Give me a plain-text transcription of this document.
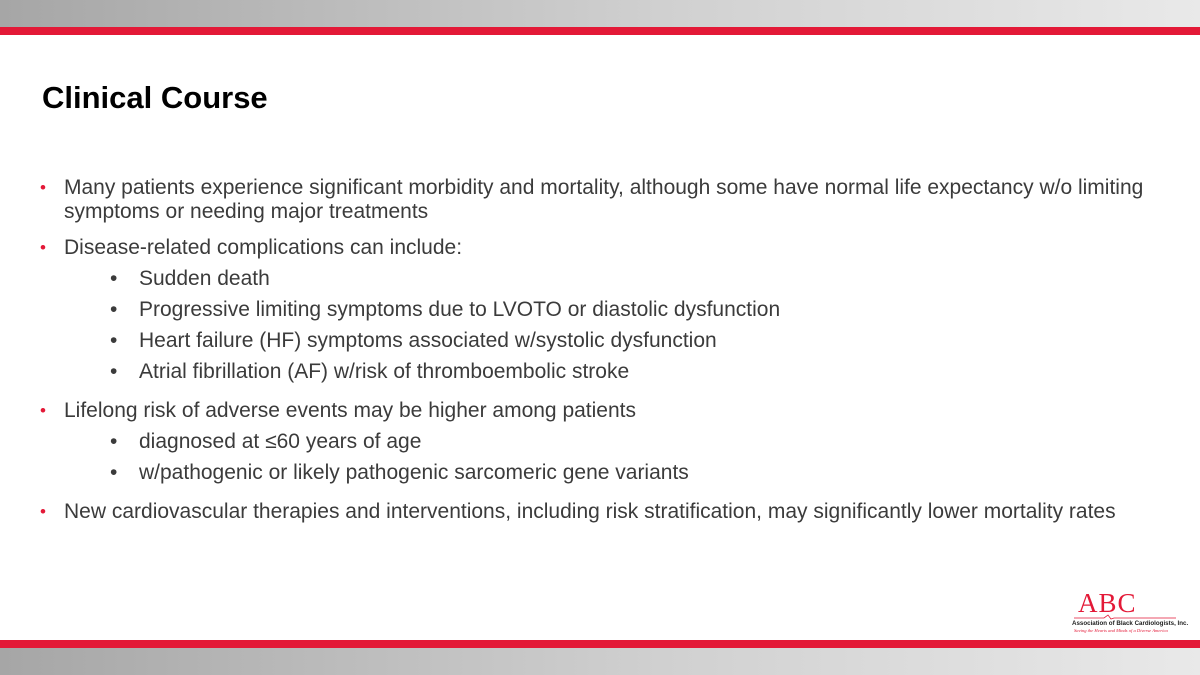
Clinical Course
• Many patients experience significant morbidity and mortality, although some have normal life expectancy w/o limiting symptoms or needing major treatments
• Disease-related complications can include:
•	Sudden death
•	Progressive limiting symptoms due to LVOTO or diastolic dysfunction
•	Heart failure (HF) symptoms associated w/systolic dysfunction
•	Atrial fibrillation (AF) w/risk of thromboembolic stroke
• Lifelong risk of adverse events may be higher among patients
•	diagnosed at ≤60 years of age
•	w/pathogenic or likely pathogenic sarcomeric gene variants
• New cardiovascular therapies and interventions, including risk stratification, may significantly lower mortality rates
ABC
Association of Black Cardiologists, Inc.
Saving the Hearts and Minds of a Diverse America
